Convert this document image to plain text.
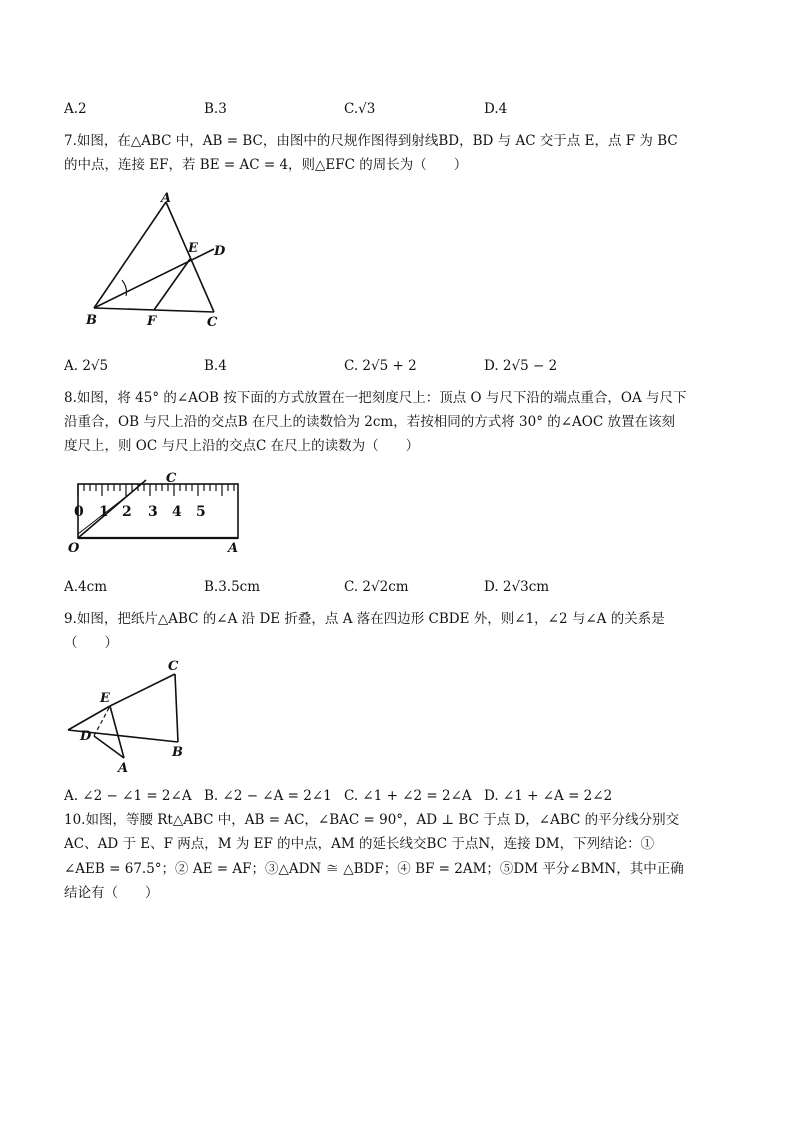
A.2	B.3	C.√3	D.4
7.如图，在△ABC 中，AB = BC，由图中的尺规作图得到射线BD，BD 与 AC 交于点 E，点 F 为 BC
的中点，连接 EF，若 BE = AC = 4，则△EFC 的周长为（　　）
A
B	C
D
E
F
A. 2√5	B.4	C. 2√5 + 2	D. 2√5 − 2
8.如图，将 45° 的∠AOB 按下面的方式放置在一把刻度尺上：顶点 O 与尺下沿的端点重合，OA 与尺下
沿重合，OB 与尺上沿的交点B 在尺上的读数恰为 2cm，若按相同的方式将 30° 的∠AOC 放置在该刻
度尺上，则 OC 与尺上沿的交点C 在尺上的读数为（　　）
0 1 2 3 4 5
C
O	A
A.4cm	B.3.5cm	C. 2√2cm	D. 2√3cm
9.如图，把纸片△ABC 的∠A 沿 DE 折叠，点 A 落在四边形 CBDE 外，则∠1，∠2 与∠A 的关系是
（　　）
C
E
D
B
A
A. ∠2 − ∠1 = 2∠A B. ∠2 − ∠A = 2∠1 C. ∠1 + ∠2 = 2∠A D. ∠1 + ∠A = 2∠2
10.如图，等腰 Rt△ABC 中，AB = AC，∠BAC = 90°，AD ⊥ BC 于点 D，∠ABC 的平分线分别交
AC、AD 于 E、F 两点，M 为 EF 的中点，AM 的延长线交BC 于点N，连接 DM，下列结论：①
∠AEB = 67.5°；② AE = AF；③△ADN ≅ △BDF；④ BF = 2AM；⑤DM 平分∠BMN，其中正确
结论有（　　）
